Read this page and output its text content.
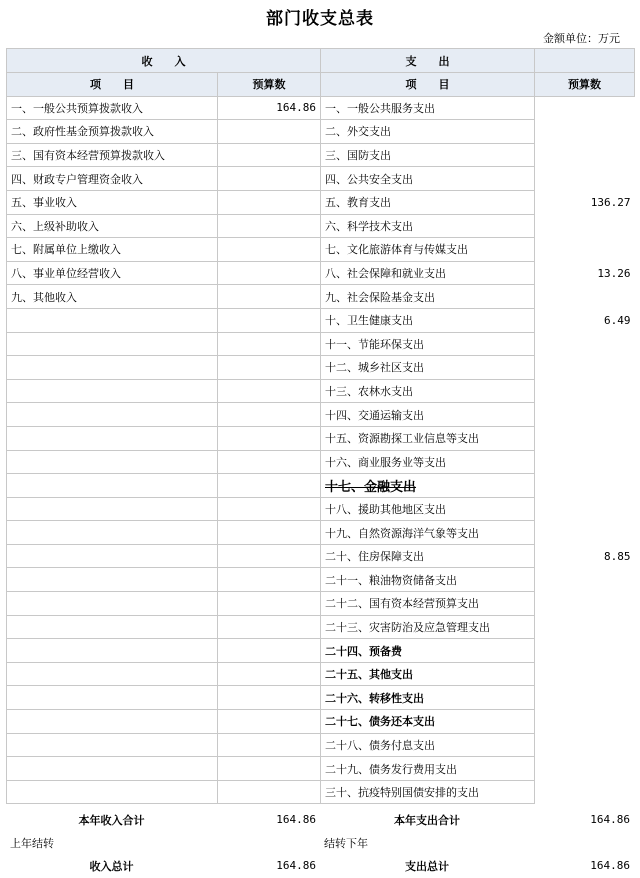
部门收支总表
金额单位：万元
收　　入		支　　出	
项　　目	预算数	项　　目	预算数
一、一般公共预算拨款收入	164.86	一、一般公共服务支出	
二、政府性基金预算拨款收入		二、外交支出	
三、国有资本经营预算拨款收入		三、国防支出	
四、财政专户管理资金收入		四、公共安全支出	
五、事业收入		五、教育支出	136.27
六、上级补助收入		六、科学技术支出	
七、附属单位上缴收入		七、文化旅游体育与传媒支出	
八、事业单位经营收入		八、社会保障和就业支出	13.26
九、其他收入		九、社会保险基金支出	
		十、卫生健康支出	6.49
		十一、节能环保支出	
		十二、城乡社区支出	
		十三、农林水支出	
		十四、交通运输支出	
		十五、资源勘探工业信息等支出	
		十六、商业服务业等支出	
		十七、金融支出	
		十八、援助其他地区支出	
		十九、自然资源海洋气象等支出	
		二十、住房保障支出	8.85
		二十一、粮油物资储备支出	
		二十二、国有资本经营预算支出	
		二十三、灾害防治及应急管理支出	
		二十四、预备费	
		二十五、其他支出	
		二十六、转移性支出	
		二十七、债务还本支出	
		二十八、债务付息支出	
		二十九、债务发行费用支出	
		三十、抗疫特别国债安排的支出	
本年收入合计	164.86	本年支出合计	164.86
上年结转		结转下年	
收入总计	164.86	支出总计	164.86
